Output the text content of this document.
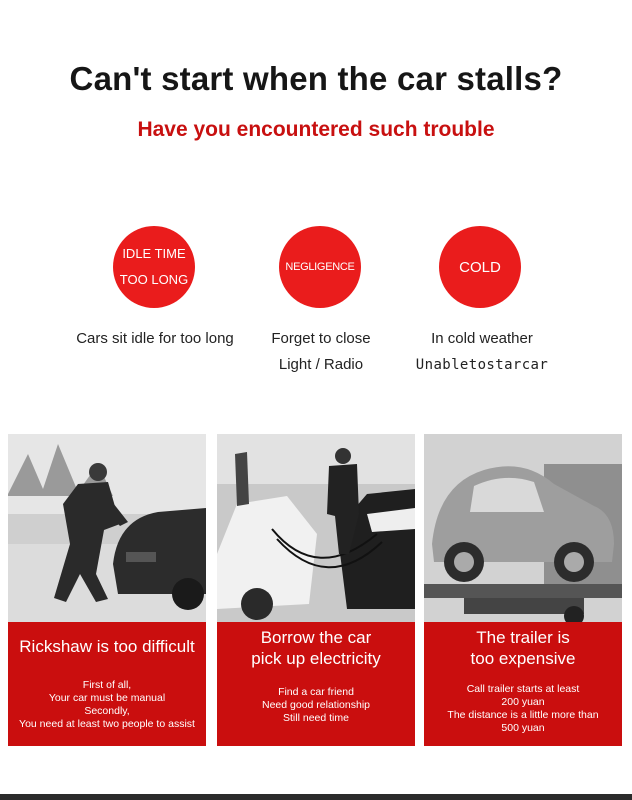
Can't start when the car stalls?
Have you encountered such trouble
IDLE TIME
TOO LONG
NEGLIGENCE	COLD
Cars sit idle for too long	Forget to close
Light / Radio
In cold weather
Unabletostarcar
Rickshaw is too difficult
First of all,
Your car must be manual
Secondly,
You need at least two people to assist
Borrow the car
pick up electricity
Find a car friend
Need good relationship
Still need time
The trailer is
too expensive
Call trailer starts at least
200 yuan
The distance is a little more than
500 yuan
